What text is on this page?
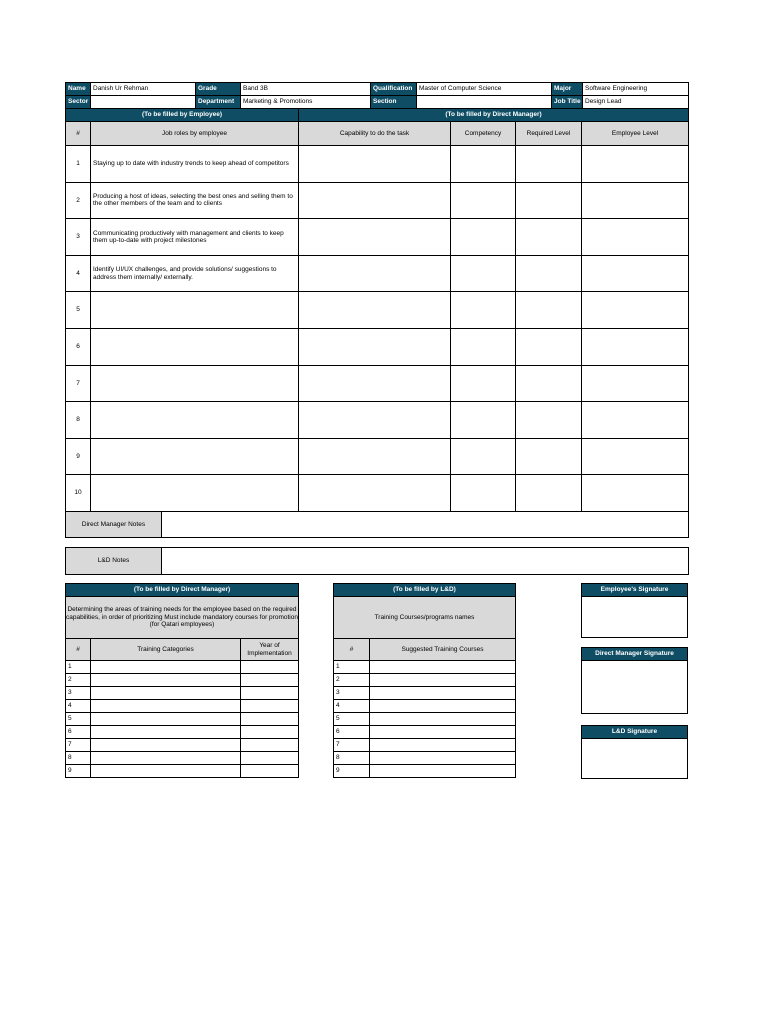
Name	Danish Ur Rehman	Grade	Band 3B	Qualification	Master of Computer Science	Major	Software Engineering
Sector		Department	Marketing & Promotions	Section		Job Title	Design Lead
(To be filled by Employee)		(To be filled by Direct Manager)			
#	Job roles by employee	Capability to do the task	Competency	Required Level	Employee Level
1	Staying up to date with industry trends to keep ahead of competitors				
2	Producing a host of ideas, selecting the best ones and selling them to the other members of the team and to clients				
3	Communicating productively with management and clients to keep them up-to-date with project milestones				
4	Identify UI/UX challenges, and provide solutions/ suggestions to address them internally/ externally.				
5					
6					
7					
8					
9					
10					
Direct Manager Notes	
L&D Notes	
(To be filled by Direct Manager)		
Determining the areas of training needs for the employee based on the required capabilities, in order of prioritizing Must include mandatory courses for promotion (for Qatari employees)		
#	Training Categories	Year of Implementation
1		
2		
3		
4		
5		
6		
7		
8		
9		
(To be filled by L&D)	
Training Courses/programs names	
#	Suggested Training Courses
1	
2	
3	
4	
5	
6	
7	
8	
9	
Employee's Signature

Direct Manager Signature

L&D Signature
